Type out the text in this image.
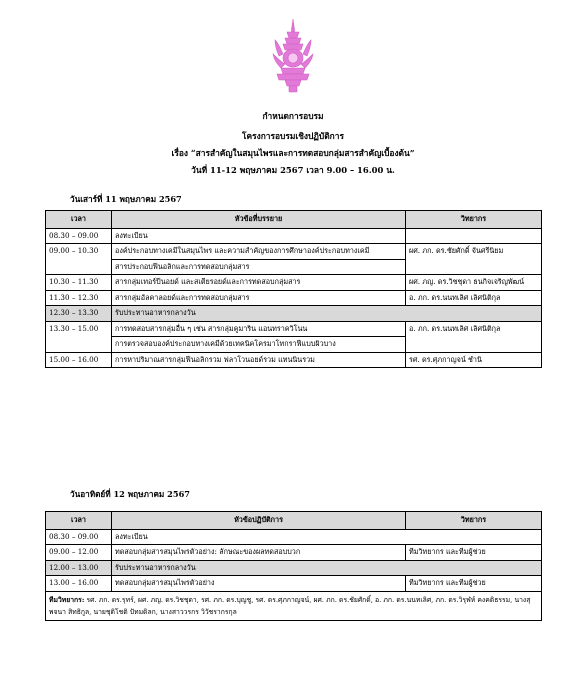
กำหนดการอบรม
โครงการอบรมเชิงปฏิบัติการ
เรื่อง “สารสำคัญในสมุนไพรและการทดสอบกลุ่มสารสำคัญเบื้องต้น”
วันที่ 11-12 พฤษภาคม 2567 เวลา 9.00 – 16.00 น.
วันเสาร์ที่ 11 พฤษภาคม 2567
เวลา	หัวข้อที่บรรยาย	วิทยากร
08.30 – 09.00	ลงทะเบียน	
09.00 – 10.30	องค์ประกอบทางเคมีในสมุนไพร และความสำคัญของการศึกษาองค์ประกอบทางเคมี	ผศ. ภก. ดร.ชัยศักดิ์ จันศรีนิยม
	สารประกอบฟีนอลิกและการทดสอบกลุ่มสาร	
10.30 – 11.30	สารกลุ่มเทอร์ปีนอยด์ และสเตียรอยด์และการทดสอบกลุ่มสาร	ผศ. ภญ. ดร.วิชชุดา ธนกิจเจริญพัฒน์
11.30 – 12.30	สารกลุ่มอัลคาลอยด์และการทดสอบกลุ่มสาร	อ. ภก. ดร.นนทเลิศ เลิศนิติกุล
12.30 – 13.30	รับประทานอาหารกลางวัน	
13.30 – 15.00	การทดสอบสารกลุ่มอื่น ๆ เช่น สารกลุ่มคูมาริน แอนทราควิโนน	อ. ภก. ดร.นนทเลิศ เลิศนิติกุล
	การตรวจสอบองค์ประกอบทางเคมีด้วยเทคนิคโครมาโทกราฟีแบบผิวบาง	
15.00 – 16.00	การหาปริมาณสารกลุ่มฟีนอลิกรวม ฟลาโวนอยด์รวม แทนนินรวม	รศ. ดร.ศุภกาญจน์ ชำนิ
วันอาทิตย์ที่ 12 พฤษภาคม 2567
เวลา	หัวข้อปฏิบัติการ	วิทยากร
08.30 – 09.00	ลงทะเบียน	
09.00 – 12.00	ทดสอบกลุ่มสารสมุนไพรตัวอย่าง: ลักษณะของผลทดสอบบวก	ทีมวิทยากร และทีมผู้ช่วย
12.00 – 13.00	รับประทานอาหารกลางวัน	
13.00 – 16.00	ทดสอบกลุ่มสารสมุนไพรตัวอย่าง	ทีมวิทยากร และทีมผู้ช่วย
ทีมวิทยากร: รศ. ภก. ดร.รุทร์, ผศ. ภญ. ดร.วิชชุดา, รศ. ภก. ดร.บุญชู, รศ. ดร.ศุภกาญจน์, ผศ. ภก. ดร.ชัยศักดิ์, อ. ภก. ดร.นนทเลิศ, ภก. ดร.วิรุฬห์ คงคติธรรม, นางสุพจนา สิทธิกูล, นายชุติโชติ ปัทมดิลก, นางสาววรกร วิวัชรากรกุล		
